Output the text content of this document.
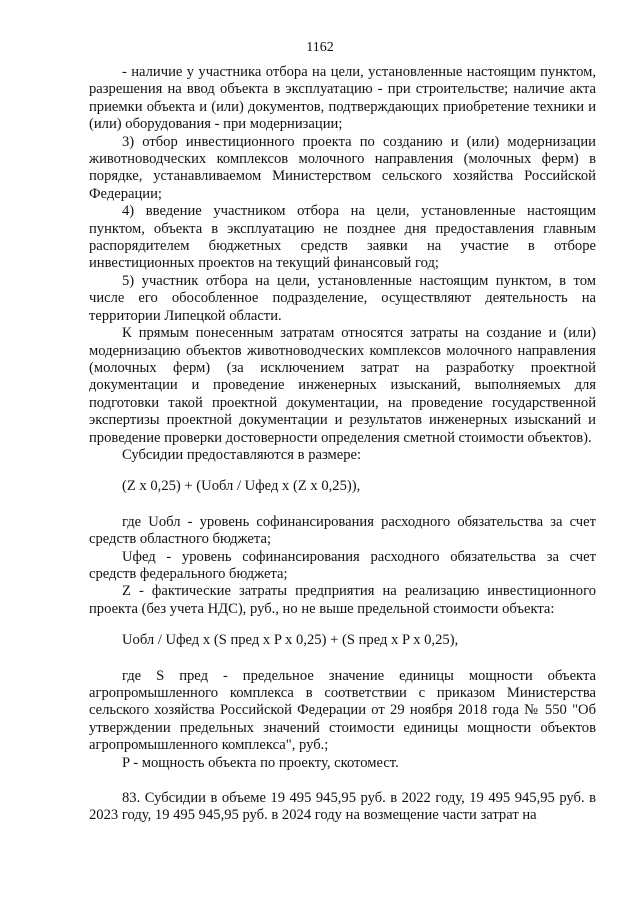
1162

- наличие у участника отбора на цели, установленные настоящим пунктом, разрешения на ввод объекта в эксплуатацию - при строительстве; наличие акта приемки объекта и (или) документов, подтверждающих приобретение техники и (или) оборудования - при модернизации;

3) отбор инвестиционного проекта по созданию и (или) модернизации животноводческих комплексов молочного направления (молочных ферм) в порядке, устанавливаемом Министерством сельского хозяйства Российской Федерации;

4) введение участником отбора на цели, установленные настоящим пунктом, объекта в эксплуатацию не позднее дня предоставления главным распорядителем бюджетных средств заявки на участие в отборе инвестиционных проектов на текущий финансовый год;

5) участник отбора на цели, установленные настоящим пунктом, в том числе его обособленное подразделение, осуществляют деятельность на территории Липецкой области.

К прямым понесенным затратам относятся затраты на создание и (или) модернизацию объектов животноводческих комплексов молочного направления (молочных ферм) (за исключением затрат на разработку проектной документации и проведение инженерных изысканий, выполняемых для подготовки такой проектной документации, на проведение государственной экспертизы проектной документации и результатов инженерных изысканий и проведение проверки достоверности определения сметной стоимости объектов).

Субсидии предоставляются в размере:

(Z x 0,25) + (Uобл / Uфед x (Z x 0,25)),

где Uобл - уровень софинансирования расходного обязательства за счет средств областного бюджета;

Uфед - уровень софинансирования расходного обязательства за счет средств федерального бюджета;

Z - фактические затраты предприятия на реализацию инвестиционного проекта (без учета НДС), руб., но не выше предельной стоимости объекта:

Uобл / Uфед x (S пред x P x 0,25) + (S пред x P x 0,25),

где S пред - предельное значение единицы мощности объекта агропромышленного комплекса в соответствии с приказом Министерства сельского хозяйства Российской Федерации от 29 ноября 2018 года № 550 "Об утверждении предельных значений стоимости единицы мощности объектов агропромышленного комплекса", руб.;

P - мощность объекта по проекту, скотомест.

83. Субсидии в объеме 19 495 945,95 руб. в 2022 году, 19 495 945,95 руб. в 2023 году, 19 495 945,95 руб. в 2024 году на возмещение части затрат на
